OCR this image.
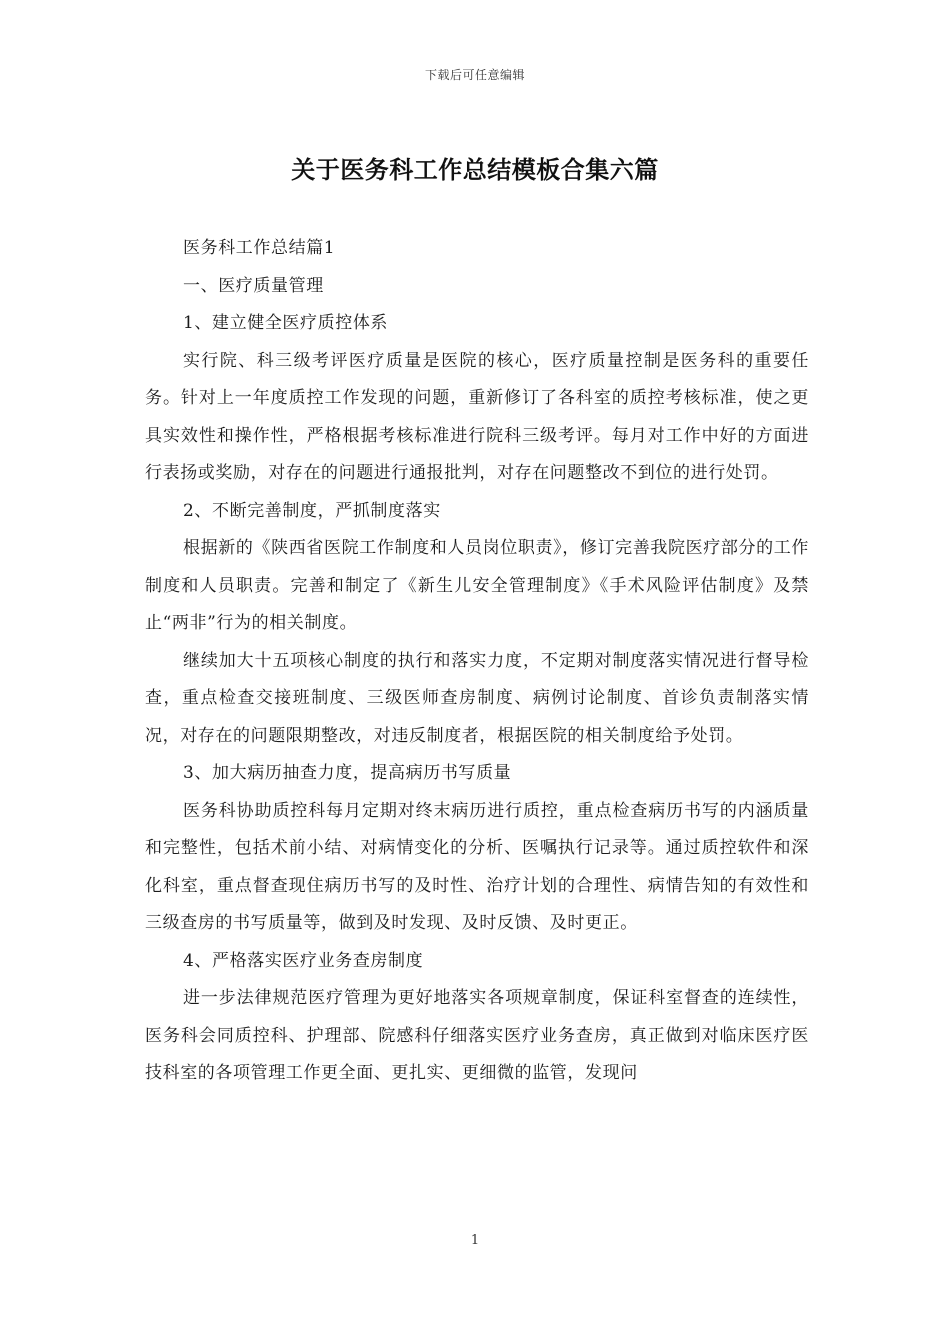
下载后可任意编辑
关于医务科工作总结模板合集六篇

医务科工作总结篇1

一、医疗质量管理

1、建立健全医疗质控体系

实行院、科三级考评医疗质量是医院的核心，医疗质量控制是医务科的重要任务。针对上一年度质控工作发现的问题，重新修订了各科室的质控考核标准，使之更具实效性和操作性，严格根据考核标准进行院科三级考评。每月对工作中好的方面进行表扬或奖励，对存在的问题进行通报批判，对存在问题整改不到位的进行处罚。

2、不断完善制度，严抓制度落实

根据新的《陕西省医院工作制度和人员岗位职责》，修订完善我院医疗部分的工作制度和人员职责。完善和制定了《新生儿安全管理制度》《手术风险评估制度》及禁止“两非”行为的相关制度。

继续加大十五项核心制度的执行和落实力度，不定期对制度落实情况进行督导检查，重点检查交接班制度、三级医师查房制度、病例讨论制度、首诊负责制落实情况，对存在的问题限期整改，对违反制度者，根据医院的相关制度给予处罚。

3、加大病历抽查力度，提高病历书写质量

医务科协助质控科每月定期对终末病历进行质控，重点检查病历书写的内涵质量和完整性，包括术前小结、对病情变化的分析、医嘱执行记录等。通过质控软件和深化科室，重点督查现住病历书写的及时性、治疗计划的合理性、病情告知的有效性和三级查房的书写质量等，做到及时发现、及时反馈、及时更正。

4、严格落实医疗业务查房制度

进一步法律规范医疗管理为更好地落实各项规章制度，保证科室督查的连续性，医务科会同质控科、护理部、院感科仔细落实医疗业务查房，真正做到对临床医疗医技科室的各项管理工作更全面、更扎实、更细微的监管，发现问

1
